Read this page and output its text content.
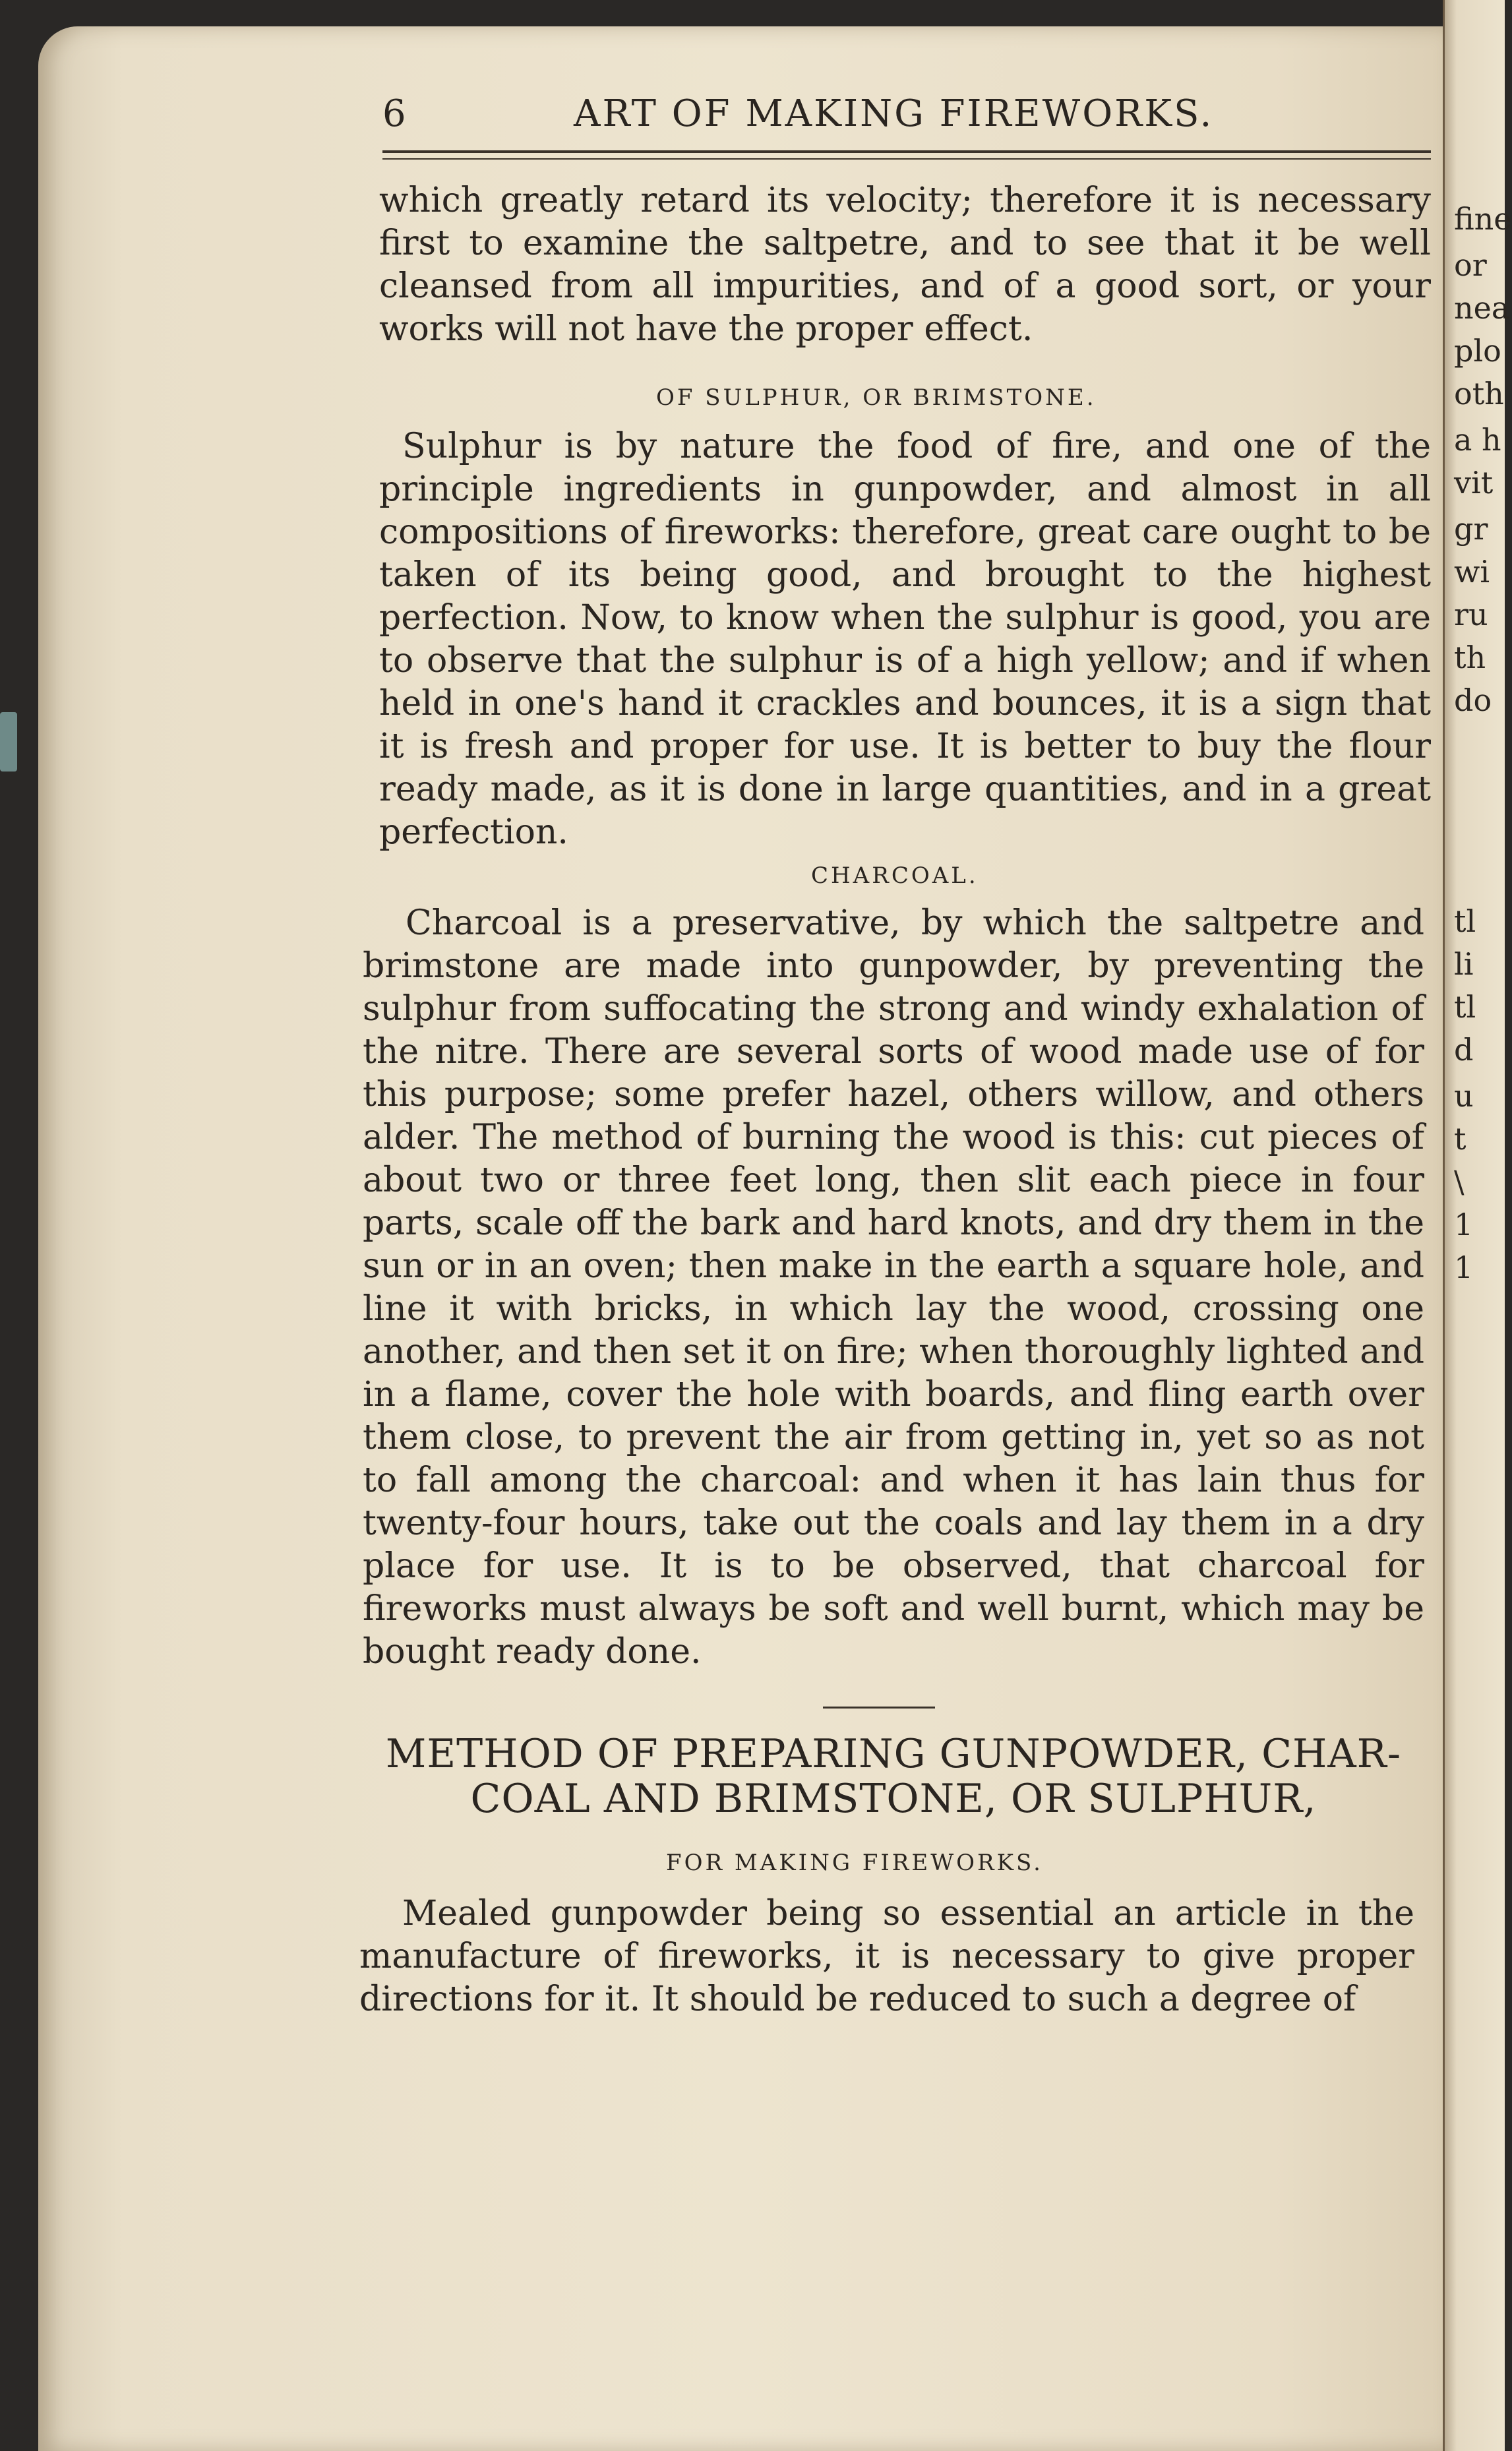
fine
or
nea
plo
oth
a h
vit
gr
wi
ru
th
do
tl
li
tl
d
u
t
\
1
1
6	ART OF MAKING FIREWORKS.
which greatly retard its velocity; therefore it is necessary first to examine the saltpetre, and to see that it be well cleansed from all impurities, and of a good sort, or your works will not have the proper effect.
OF SULPHUR, OR BRIMSTONE.
Sulphur is by nature the food of fire, and one of the principle ingredients in gunpowder, and almost in all compositions of fireworks: therefore, great care ought to be taken of its being good, and brought to the highest perfection. Now, to know when the sulphur is good, you are to observe that the sulphur is of a high yellow; and if when held in one's hand it crackles and bounces, it is a sign that it is fresh and proper for use. It is better to buy the flour ready made, as it is done in large quantities, and in a great perfection.
CHARCOAL.
Charcoal is a preservative, by which the saltpetre and brimstone are made into gunpowder, by preventing the sulphur from suffocating the strong and windy exhalation of the nitre. There are several sorts of wood made use of for this purpose; some prefer hazel, others willow, and others alder. The method of burning the wood is this: cut pieces of about two or three feet long, then slit each piece in four parts, scale off the bark and hard knots, and dry them in the sun or in an oven; then make in the earth a square hole, and line it with bricks, in which lay the wood, crossing one another, and then set it on fire; when thoroughly lighted and in a flame, cover the hole with boards, and fling earth over them close, to prevent the air from getting in, yet so as not to fall among the charcoal: and when it has lain thus for twenty-four hours, take out the coals and lay them in a dry place for use. It is to be observed, that charcoal for fireworks must always be soft and well burnt, which may be bought ready done.
METHOD OF PREPARING GUNPOWDER, CHAR-
COAL AND BRIMSTONE, OR SULPHUR,
FOR MAKING FIREWORKS.
Mealed gunpowder being so essential an article in the manufacture of fireworks, it is necessary to give proper directions for it. It should be reduced to such a degree of
